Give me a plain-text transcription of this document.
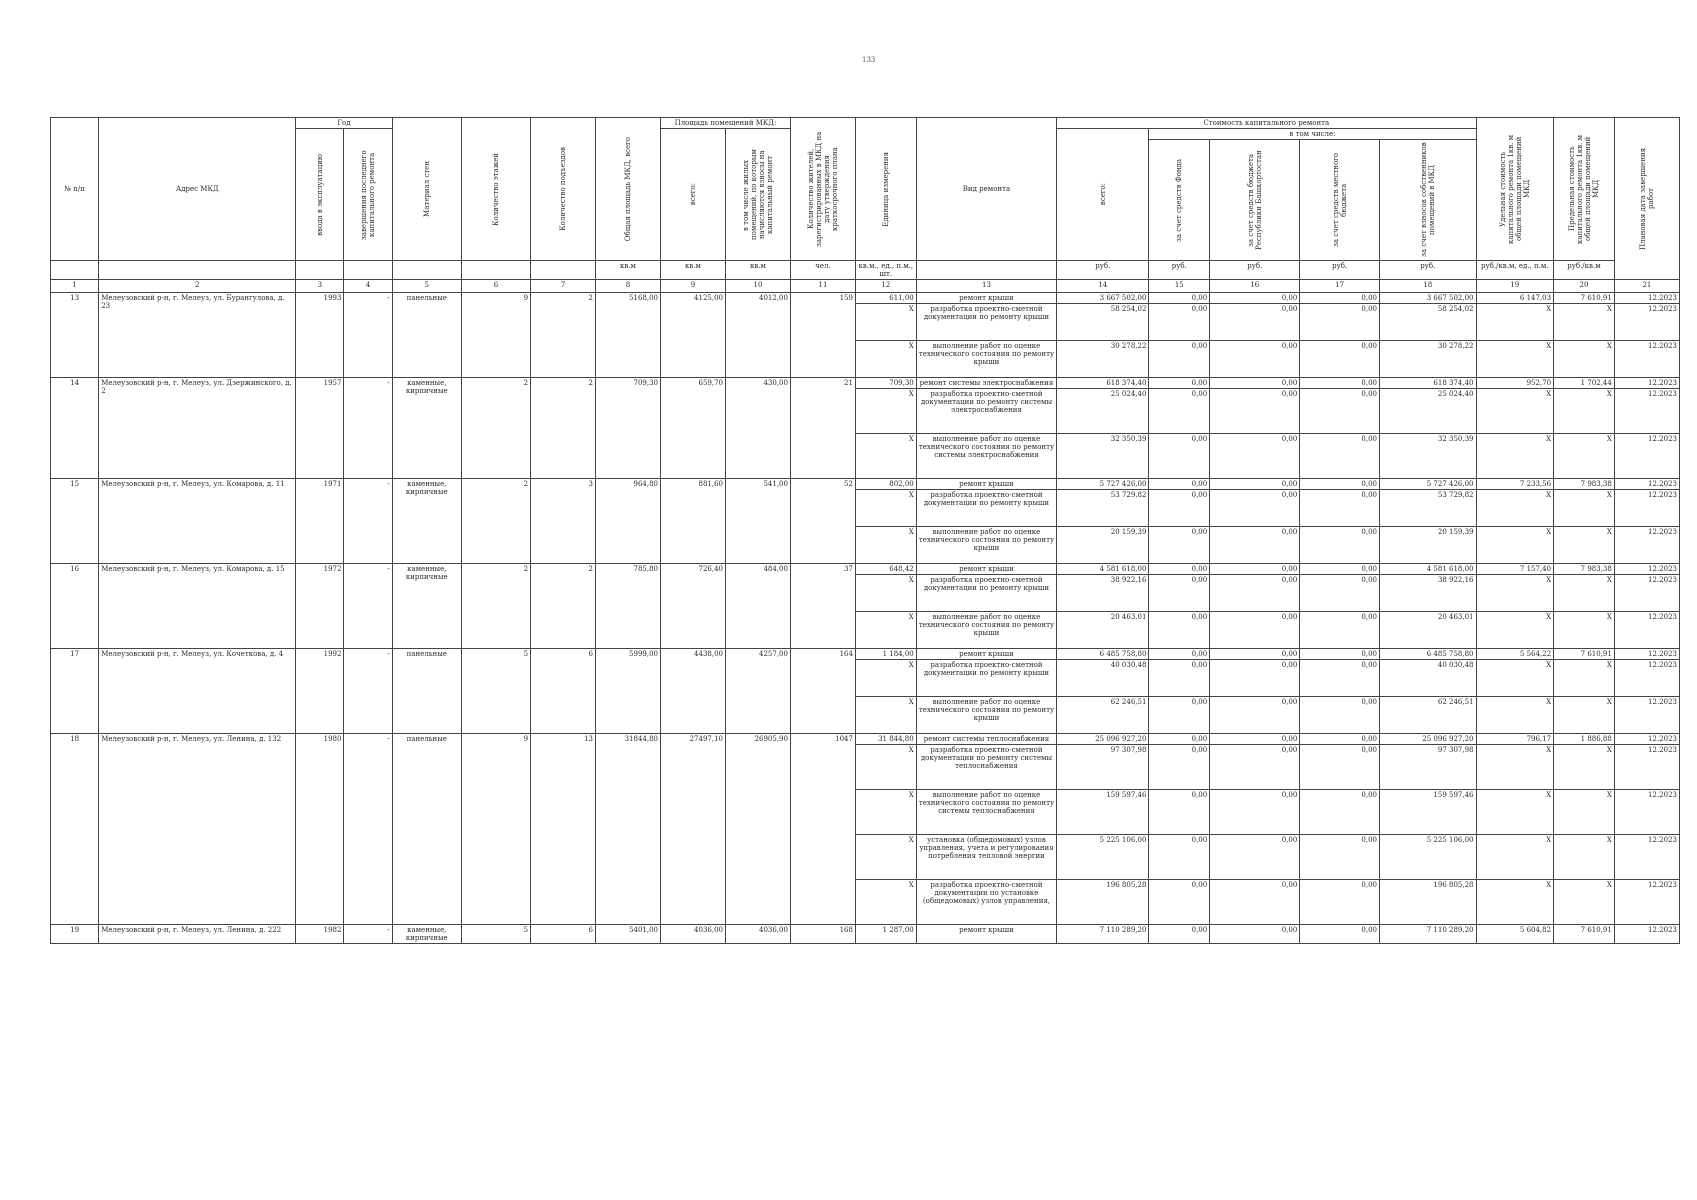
133
№ п/п	Адрес МКД	Год		Материал стен	Количество этажей	Количество подъездов	Общая площадь МКД, всего	Площадь помещений МКД:		Количество жителей, зарегистрированных в МКД на дату утверждения краткосрочного плана	Единица измерения	Вид ремонта	Стоимость капитального ремонта					Удельная стоимость капитального ремонта 1кв. м общей площади помещений МКД	Предельная стоимость капитального ремонта 1кв. м общей площади помещений МКД	Плановая дата завершения работ

		ввода в эксплуатацию	завершения последнего капитального ремонта					всего:	в том числе жилых помещений, по которым начисляются взносы на капитальный ремонт				всего:	в том числе:						

														за счет средств Фонда	за счет средств бюджета Республики Башкортостан	за счет средств местного бюджета	за счет взносов собственников помещений в МКД			

							кв.м	кв.м	кв.м	чел.	кв.м., ед., п.м., шт.		руб.	руб.	руб.	руб.	руб.	руб./кв.м, ед., п.м.	руб./кв.м	
1	2	3	4	5	6	7	8	9	10	11	12	13	14	15	16	17	18	19	20	21
13	Мелеузовский р-н, г. Мелеуз, ул. Бурангулова, д. 23	1993	-	панельные	9	2	5168,00	4125,00	4012,00	159	611,00	ремонт крыши	3 667 502,00	0,00	0,00	0,00	3 667 502,00	6 147,03	7 610,91	12.2023
											X	разработка проектно-сметной документации по ремонту крыши	58 254,02	0,00	0,00	0,00	58 254,02	X	X	12.2023
											X	выполнение работ по оценке технического состояния по ремонту крыши	30 278,22	0,00	0,00	0,00	30 278,22	X	X	12.2023
14	Мелеузовский р-н, г. Мелеуз, ул. Дзержинского, д. 2	1957	-	каменные, кирпичные	2	2	709,30	659,70	430,00	21	709,30	ремонт системы электроснабжения	618 374,40	0,00	0,00	0,00	618 374,40	952,70	1 702,44	12.2023
											X	разработка проектно-сметной документации по ремонту системы электроснабжения	25 024,40	0,00	0,00	0,00	25 024,40	X	X	12.2023
											X	выполнение работ по оценке технического состояния по ремонту системы электроснабжения	32 350,39	0,00	0,00	0,00	32 350,39	X	X	12.2023
15	Мелеузовский р-н, г. Мелеуз, ул. Комарова, д. 11	1971	-	каменные, кирпичные	2	3	964,80	881,60	541,00	52	802,00	ремонт крыши	5 727 426,00	0,00	0,00	0,00	5 727 426,00	7 233,56	7 983,38	12.2023
											X	разработка проектно-сметной документации по ремонту крыши	53 729,82	0,00	0,00	0,00	53 729,82	X	X	12.2023
											X	выполнение работ по оценке технического состояния по ремонту крыши	20 159,39	0,00	0,00	0,00	20 159,39	X	X	12.2023
16	Мелеузовский р-н, г. Мелеуз, ул. Комарова, д. 15	1972	-	каменные, кирпичные	2	2	785,80	726,40	484,00	37	648,42	ремонт крыши	4 581 618,00	0,00	0,00	0,00	4 581 618,00	7 157,40	7 983,38	12.2023
											X	разработка проектно-сметной документации по ремонту крыши	38 922,16	0,00	0,00	0,00	38 922,16	X	X	12.2023
											X	выполнение работ по оценке технического состояния по ремонту крыши	20 463,01	0,00	0,00	0,00	20 463,01	X	X	12.2023
17	Мелеузовский р-н, г. Мелеуз, ул. Кочеткова, д. 4	1992	-	панельные	5	6	5999,00	4438,00	4257,00	164	1 184,00	ремонт крыши	6 485 758,80	0,00	0,00	0,00	6 485 758,80	5 564,22	7 610,91	12.2023
											X	разработка проектно-сметной документации по ремонту крыши	40 030,48	0,00	0,00	0,00	40 030,48	X	X	12.2023
											X	выполнение работ по оценке технического состояния по ремонту крыши	62 246,51	0,00	0,00	0,00	62 246,51	X	X	12.2023
18	Мелеузовский р-н, г. Мелеуз, ул. Ленина, д. 132	1980	-	панельные	9	13	31844,80	27497,10	26905,90	1047	31 844,80	ремонт системы теплоснабжения	25 096 927,20	0,00	0,00	0,00	25 096 927,20	796,17	1 886,88	12.2023
											X	разработка проектно-сметной документации по ремонту системы теплоснабжения	97 307,98	0,00	0,00	0,00	97 307,98	X	X	12.2023
											X	выполнение работ по оценке технического состояния по ремонту системы теплоснабжения	159 597,46	0,00	0,00	0,00	159 597,46	X	X	12.2023
											X	установка (общедомовых) узлов управления, учета и регулирования потребления тепловой энергии	5 225 106,00	0,00	0,00	0,00	5 225 106,00	X	X	12.2023
											X	разработка проектно-сметной документации по установке (общедомовых) узлов управления,	196 805,28	0,00	0,00	0,00	196 805,28	X	X	12.2023
19	Мелеузовский р-н, г. Мелеуз, ул. Ленина, д. 222	1982	-	каменные, кирпичные	5	6	5401,00	4036,00	4036,00	168	1 287,00	ремонт крыши	7 110 289,20	0,00	0,00	0,00	7 110 289,20	5 604,82	7 610,91	12.2023
